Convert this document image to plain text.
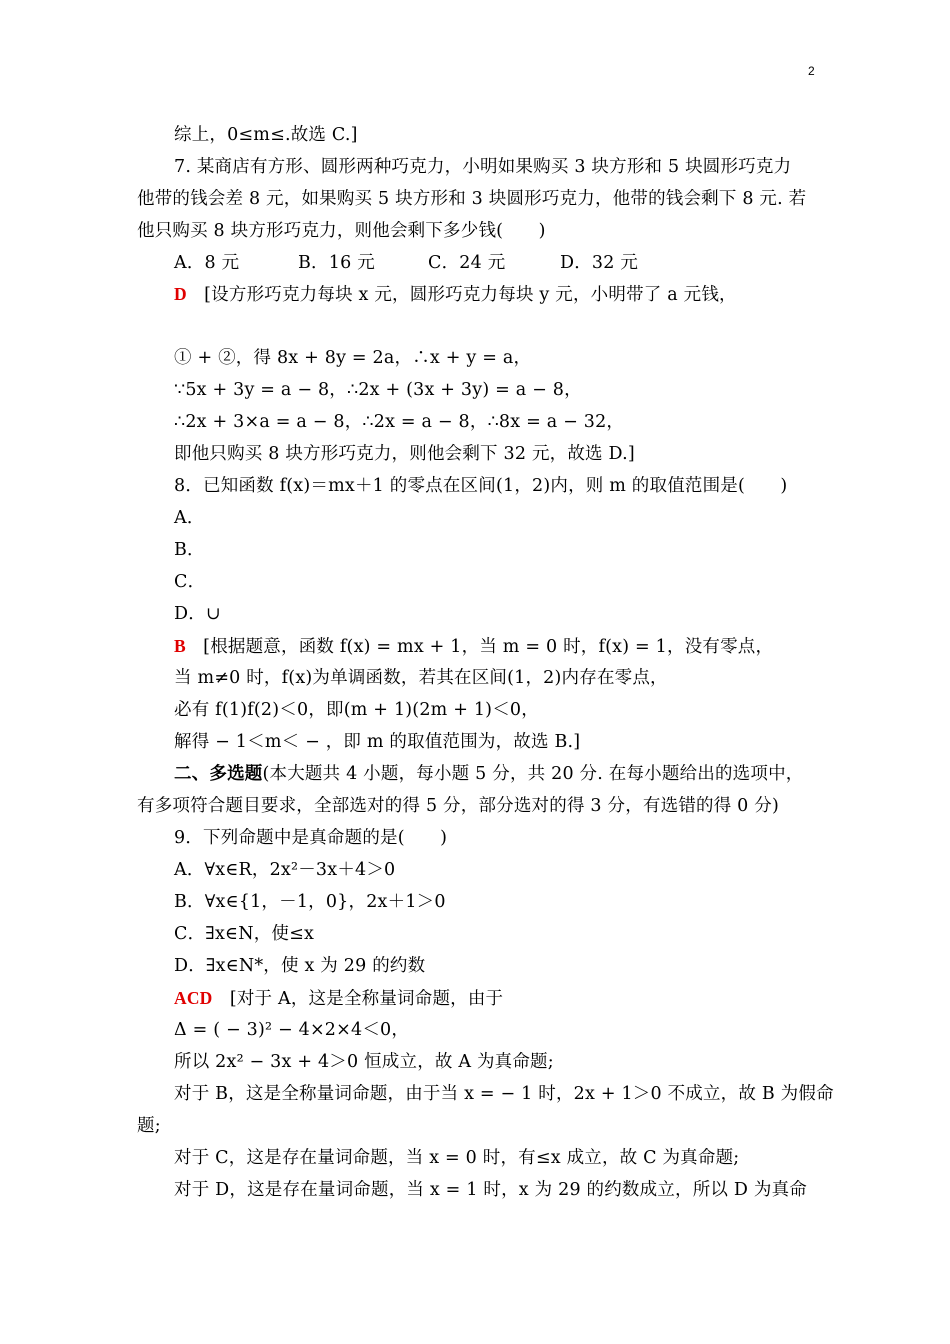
2
综上，0≤m≤.故选 C.]
7. 某商店有方形、圆形两种巧克力，小明如果购买 3 块方形和 5 块圆形巧克力
他带的钱会差 8 元，如果购买 5 块方形和 3 块圆形巧克力，他带的钱会剩下 8 元. 若
他只购买 8 块方形巧克力，则他会剩下多少钱(　　)
A．8 元	B．16 元	C．24 元	D．32 元
D [设方形巧克力每块 x 元，圆形巧克力每块 y 元，小明带了 a 元钱，
① + ②，得 8x + 8y = 2a，∴x + y = a，
∵5x + 3y = a − 8，∴2x + (3x + 3y) = a − 8，
∴2x + 3×a = a − 8，∴2x = a − 8，∴8x = a − 32，
即他只购买 8 块方形巧克力，则他会剩下 32 元，故选 D.]
8．已知函数 f(x)＝mx＋1 的零点在区间(1，2)内，则 m 的取值范围是(　　)
A．
B．
C．
D．∪
B [根据题意，函数 f(x) = mx + 1，当 m = 0 时，f(x) = 1，没有零点，
当 m≠0 时，f(x)为单调函数，若其在区间(1，2)内存在零点，
必有 f(1)f(2)＜0，即(m + 1)(2m + 1)＜0，
解得 − 1＜m＜ − ，即 m 的取值范围为，故选 B.]
二、多选题(本大题共 4 小题，每小题 5 分，共 20 分. 在每小题给出的选项中，
有多项符合题目要求，全部选对的得 5 分，部分选对的得 3 分，有选错的得 0 分)
9．下列命题中是真命题的是(　　)
A．∀x∈R，2x²－3x＋4＞0
B．∀x∈{1，－1，0}，2x＋1＞0
C．∃x∈N，使≤x
D．∃x∈N*，使 x 为 29 的约数
ACD [对于 A，这是全称量词命题，由于
Δ = ( − 3)² − 4×2×4＜0，
所以 2x² − 3x + 4＞0 恒成立，故 A 为真命题;
对于 B，这是全称量词命题，由于当 x = − 1 时，2x + 1＞0 不成立，故 B 为假命
题;
对于 C，这是存在量词命题，当 x = 0 时，有≤x 成立，故 C 为真命题;
对于 D，这是存在量词命题，当 x = 1 时，x 为 29 的约数成立，所以 D 为真命
